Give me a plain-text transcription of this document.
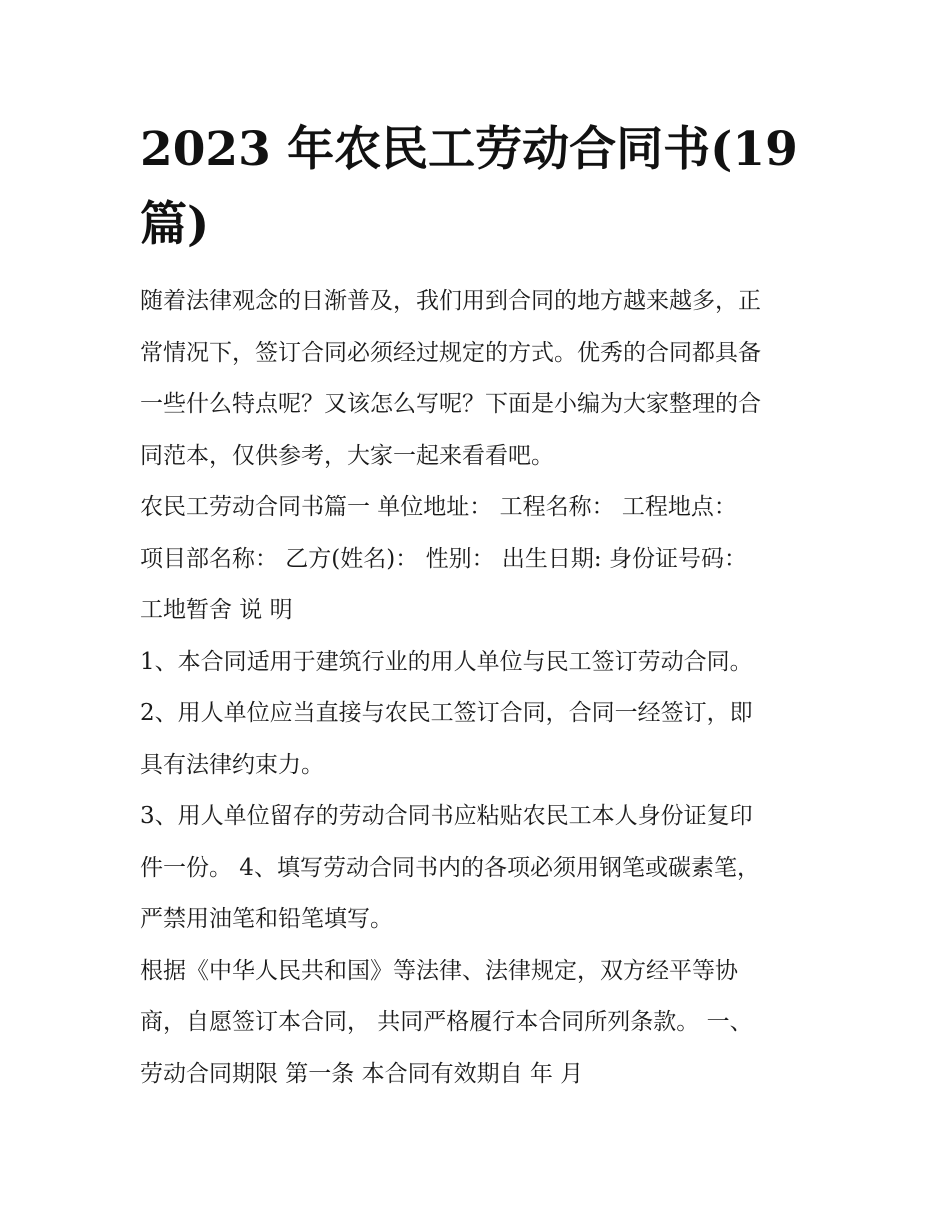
2023 年农民工劳动合同书(19
篇)

随着法律观念的日渐普及，我们用到合同的地方越来越多，正
常情况下，签订合同必须经过规定的方式。优秀的合同都具备
一些什么特点呢？又该怎么写呢？下面是小编为大家整理的合
同范本，仅供参考，大家一起来看看吧。

农民工劳动合同书篇一 单位地址： 工程名称： 工程地点：
项目部名称： 乙方(姓名)： 性别： 出生日期: 身份证号码：
工地暂舍 说 明

1、本合同适用于建筑行业的用人单位与民工签订劳动合同。

2、用人单位应当直接与农民工签订合同，合同一经签订，即
具有法律约束力。

3、用人单位留存的劳动合同书应粘贴农民工本人身份证复印
件一份。 4、填写劳动合同书内的各项必须用钢笔或碳素笔，
严禁用油笔和铅笔填写。

根据《中华人民共和国》等法律、法律规定，双方经平等协
商，自愿签订本合同， 共同严格履行本合同所列条款。 一、
劳动合同期限 第一条 本合同有效期自 年 月
